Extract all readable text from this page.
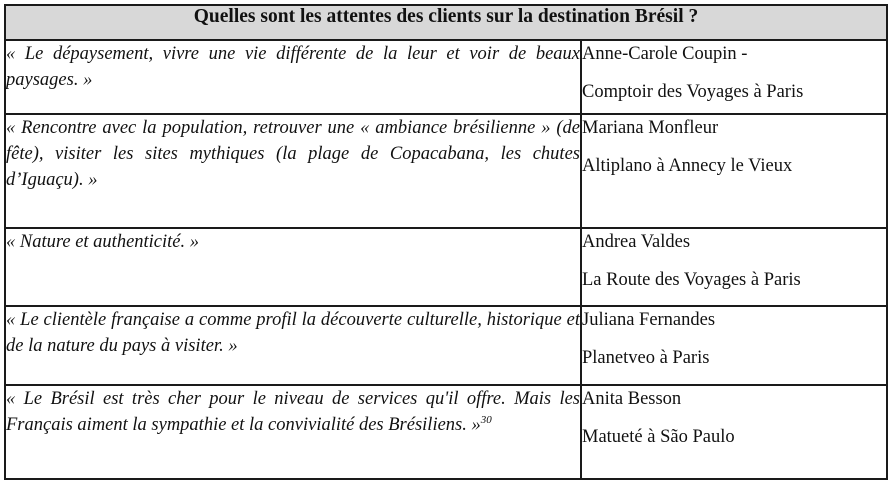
Quelles sont les attentes des clients sur la destination Brésil ?	
« Le dépaysement, vivre une vie différente de la leur et voir de beaux paysages. »	Anne-Carole Coupin -
Comptoir des Voyages à Paris

« Rencontre avec la population, retrouver une « ambiance brésilienne » (de fête), visiter les sites mythiques (la plage de Copacabana, les chutes d’Iguaçu). »	Mariana Monfleur
Altiplano à Annecy le Vieux

« Nature et authenticité. »	Andrea Valdes
La Route des Voyages à Paris

« Le clientèle française a comme profil la découverte culturelle, historique et de la nature du pays à visiter. »	Juliana Fernandes
Planetveo à Paris

« Le Brésil est très cher pour le niveau de services qu'il offre. Mais les Français aiment la sympathie et la convivialité des Brésiliens. »$^{30}$	Anita Besson
Matueté à São Paulo
